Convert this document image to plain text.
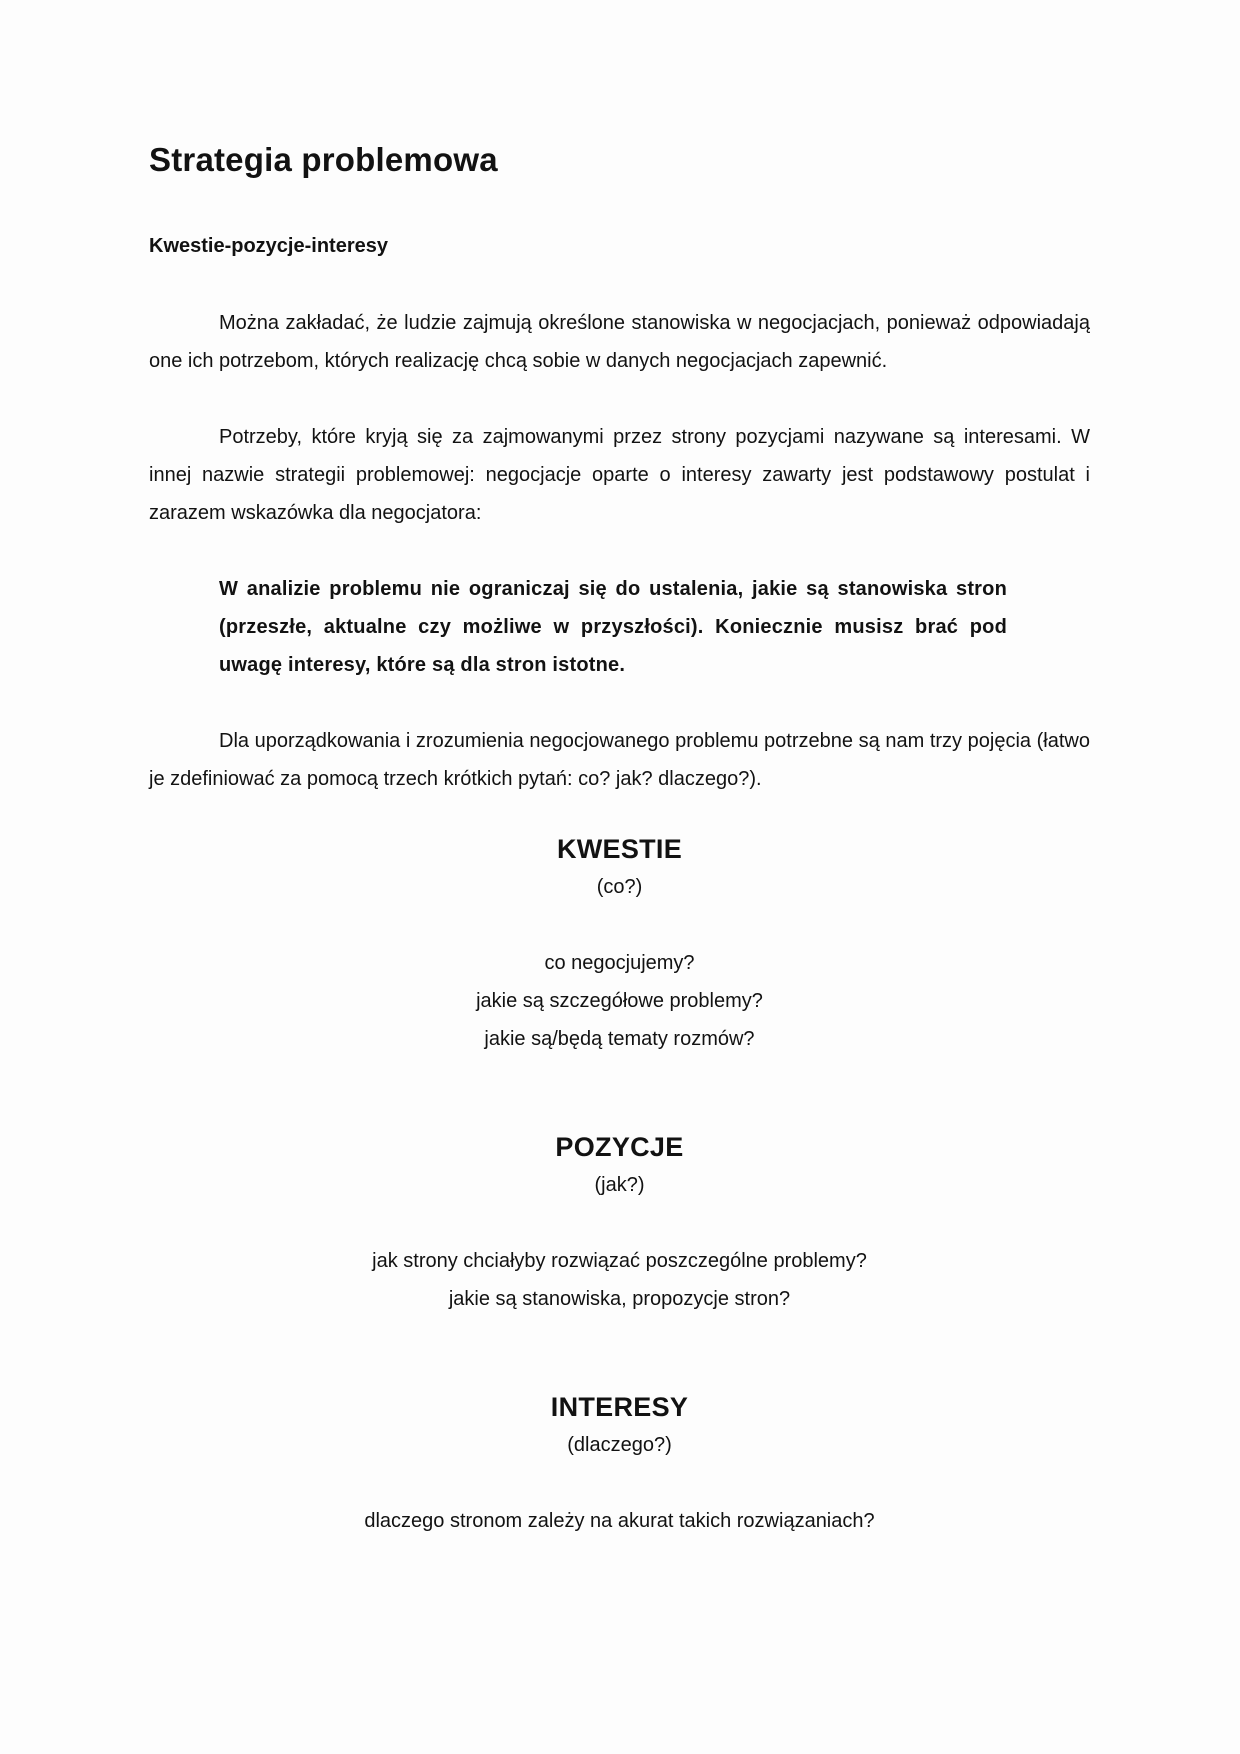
Strategia problemowa
Kwestie-pozycje-interesy

Można zakładać, że ludzie zajmują określone stanowiska w negocjacjach, ponieważ odpowiadają one ich potrzebom, których realizację chcą sobie w danych negocjacjach zapewnić.

Potrzeby, które kryją się za zajmowanymi przez strony pozycjami nazywane są interesami. W innej nazwie strategii problemowej: negocjacje oparte o interesy zawarty jest podstawowy postulat i zarazem wskazówka dla negocjatora:

W analizie problemu nie ograniczaj się do ustalenia, jakie są stanowiska stron (przeszłe, aktualne czy możliwe w przyszłości). Koniecznie musisz brać pod uwagę interesy, które są dla stron istotne.

Dla uporządkowania i zrozumienia negocjowanego problemu potrzebne są nam trzy pojęcia (łatwo je zdefiniować za pomocą trzech krótkich pytań: co? jak? dlaczego?).

KWESTIE
(co?)
co negocjujemy?
jakie są szczegółowe problemy?
jakie są/będą tematy rozmów?
POZYCJE
(jak?)
jak strony chciałyby rozwiązać poszczególne problemy?
jakie są stanowiska, propozycje stron?
INTERESY
(dlaczego?)
dlaczego stronom zależy na akurat takich rozwiązaniach?
